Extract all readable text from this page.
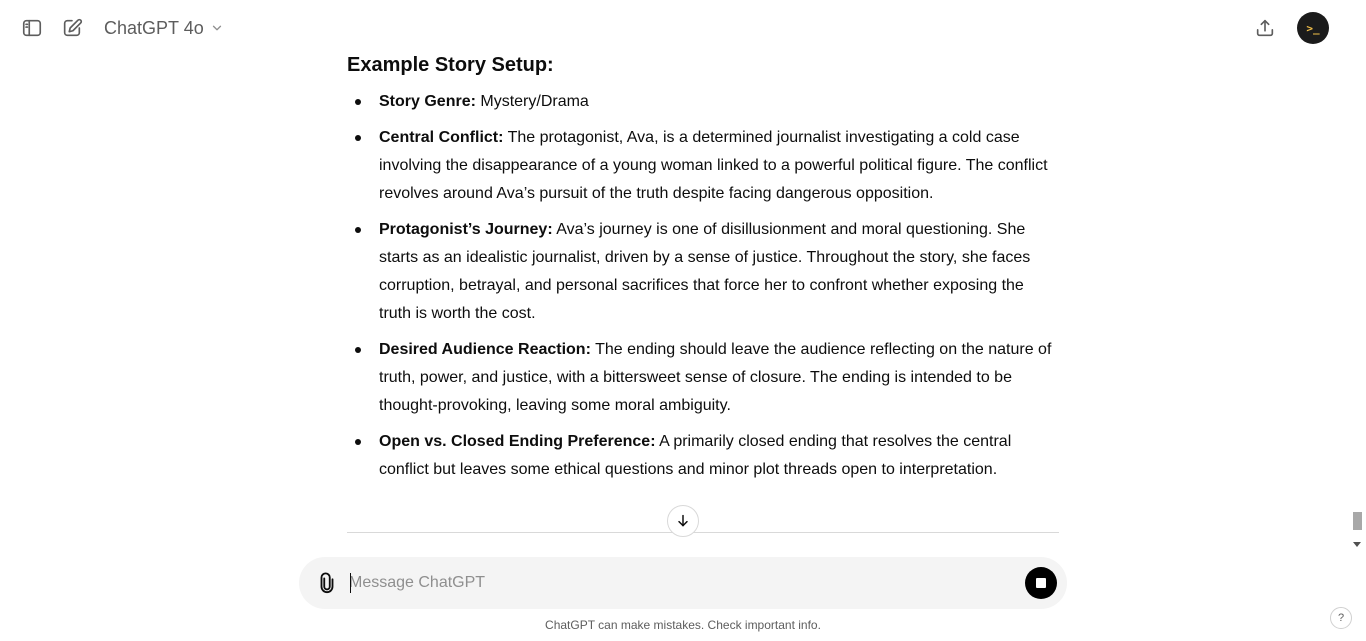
ChatGPT 4o	>_
Example Story Setup:
Story Genre: Mystery/Drama
Central Conflict: The protagonist, Ava, is a determined journalist investigating a cold case involving the disappearance of a young woman linked to a powerful political figure. The conflict revolves around Ava’s pursuit of the truth despite facing dangerous opposition.
Protagonist’s Journey: Ava’s journey is one of disillusionment and moral questioning. She starts as an idealistic journalist, driven by a sense of justice. Throughout the story, she faces corruption, betrayal, and personal sacrifices that force her to confront whether exposing the truth is worth the cost.
Desired Audience Reaction: The ending should leave the audience reflecting on the nature of truth, power, and justice, with a bittersweet sense of closure. The ending is intended to be thought-provoking, leaving some moral ambiguity.
Open vs. Closed Ending Preference: A primarily closed ending that resolves the central conflict but leaves some ethical questions and minor plot threads open to interpretation.
Message ChatGPT
ChatGPT can make mistakes. Check important info.	?
